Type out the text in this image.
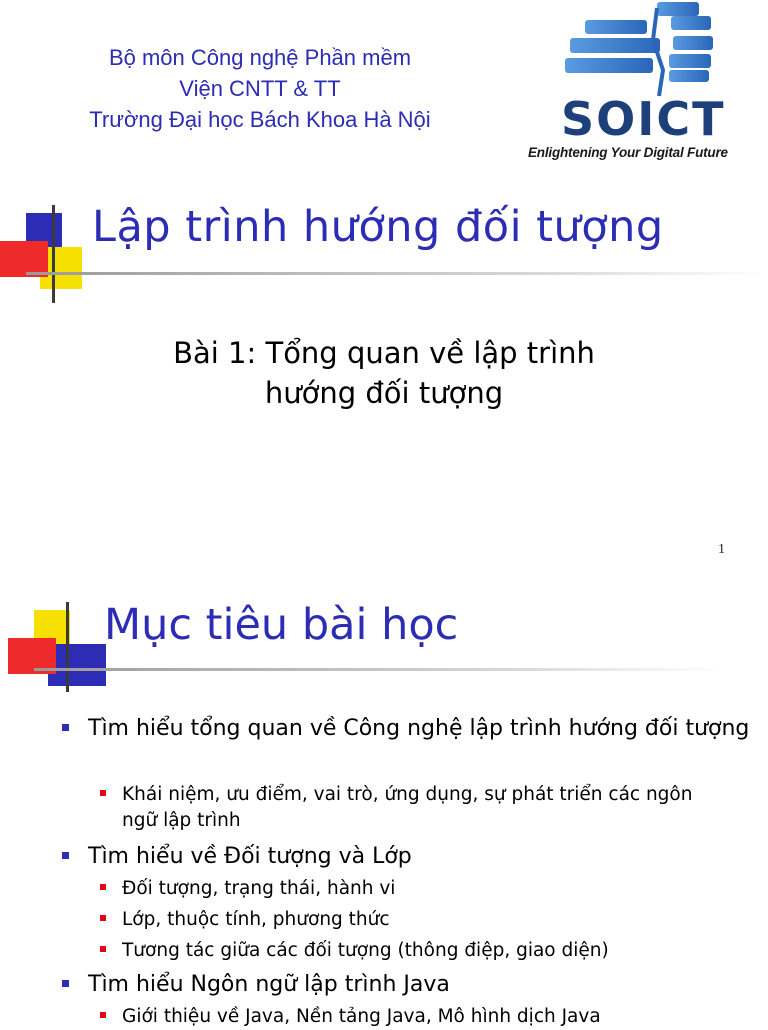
Bộ môn Công nghệ Phần mềm
Viện CNTT & TT
Trường Đại học Bách Khoa Hà Nội	SOICT
Enlightening Your Digital Future
Lập trình hướng đối tượng
Bài 1: Tổng quan về lập trình
hướng đối tượng
1
Mục tiêu bài học
Tìm hiểu tổng quan về Công nghệ lập trình hướng đối tượng
Khái niệm, ưu điểm, vai trò, ứng dụng, sự phát triển các ngôn ngữ lập trình
Tìm hiểu về Đối tượng và Lớp
Đối tượng, trạng thái, hành vi
Lớp, thuộc tính, phương thức
Tương tác giữa các đối tượng (thông điệp, giao diện)
Tìm hiểu Ngôn ngữ lập trình Java
Giới thiệu về Java, Nền tảng Java, Mô hình dịch Java
